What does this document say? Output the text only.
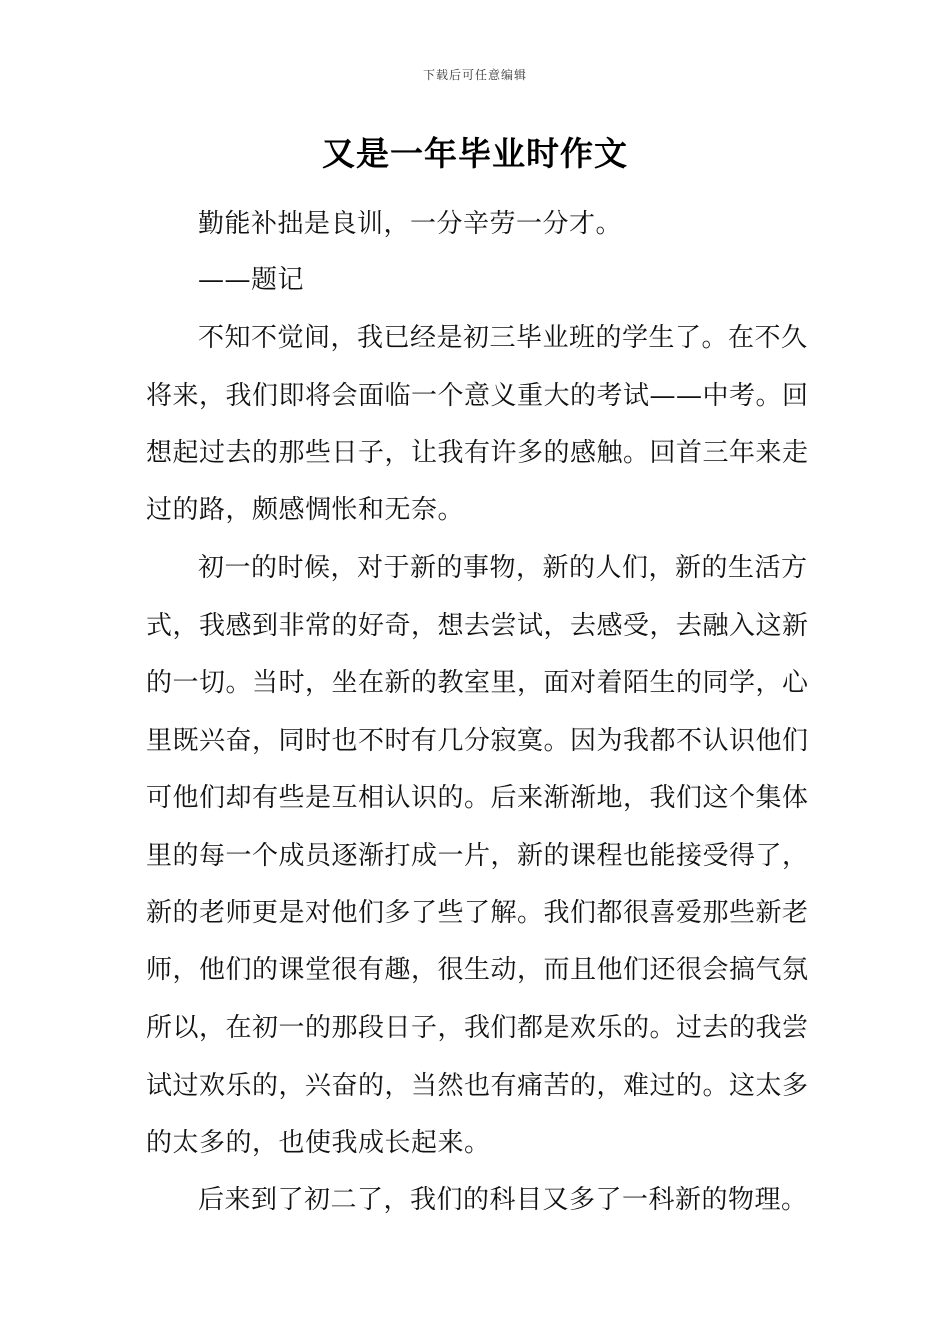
下载后可任意编辑
又是一年毕业时作文
勤能补拙是良训，一分辛劳一分才。
——题记
不知不觉间，我已经是初三毕业班的学生了。在不久
将来，我们即将会面临一个意义重大的考试——中考。回
想起过去的那些日子，让我有许多的感触。回首三年来走
过的路，颇感惆怅和无奈。
初一的时候，对于新的事物，新的人们，新的生活方
式，我感到非常的好奇，想去尝试，去感受，去融入这新
的一切。当时，坐在新的教室里，面对着陌生的同学，心
里既兴奋，同时也不时有几分寂寞。因为我都不认识他们
可他们却有些是互相认识的。后来渐渐地，我们这个集体
里的每一个成员逐渐打成一片，新的课程也能接受得了，
新的老师更是对他们多了些了解。我们都很喜爱那些新老
师，他们的课堂很有趣，很生动，而且他们还很会搞气氛
所以，在初一的那段日子，我们都是欢乐的。过去的我尝
试过欢乐的，兴奋的，当然也有痛苦的，难过的。这太多
的太多的，也使我成长起来。
后来到了初二了，我们的科目又多了一科新的物理。
